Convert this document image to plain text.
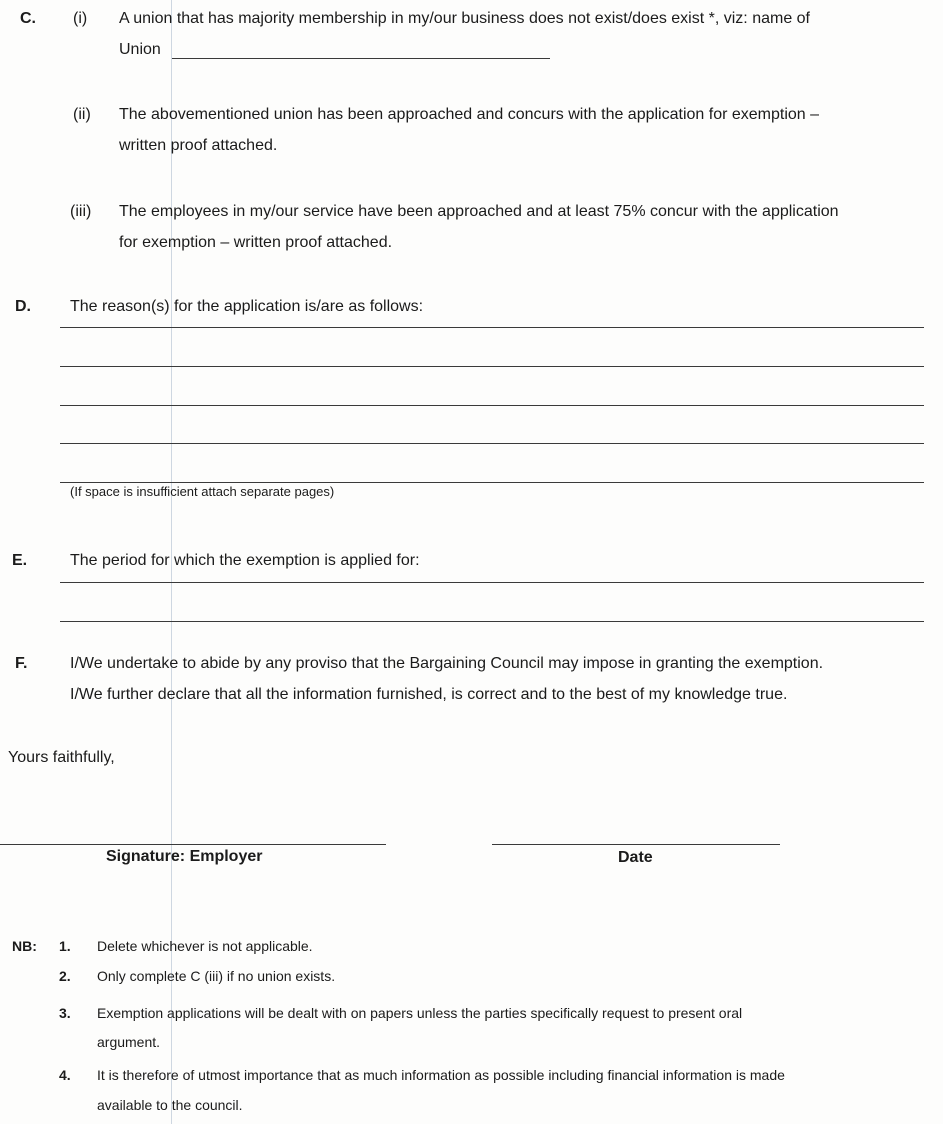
C. (i) A union that has majority membership in my/our business does not exist/does exist *, viz: name of
Union
(ii) The abovementioned union has been approached and concurs with the application for exemption –
written proof attached.
(iii) The employees in my/our service have been approached and at least 75% concur with the application
for exemption – written proof attached.
D. The reason(s) for the application is/are as follows:
(If space is insufficient attach separate pages)
E.	The period for which the exemption is applied for:
F.	I/We undertake to abide by any proviso that the Bargaining Council may impose in granting the exemption.
I/We further declare that all the information furnished, is correct and to the best of my knowledge true.
Yours faithfully,
Signature: Employer	Date
NB: 1. Delete whichever is not applicable.
2. Only complete C (iii) if no union exists.
3. Exemption applications will be dealt with on papers unless the parties specifically request to present oral
argument.
4. It is therefore of utmost importance that as much information as possible including financial information is made
available to the council.
